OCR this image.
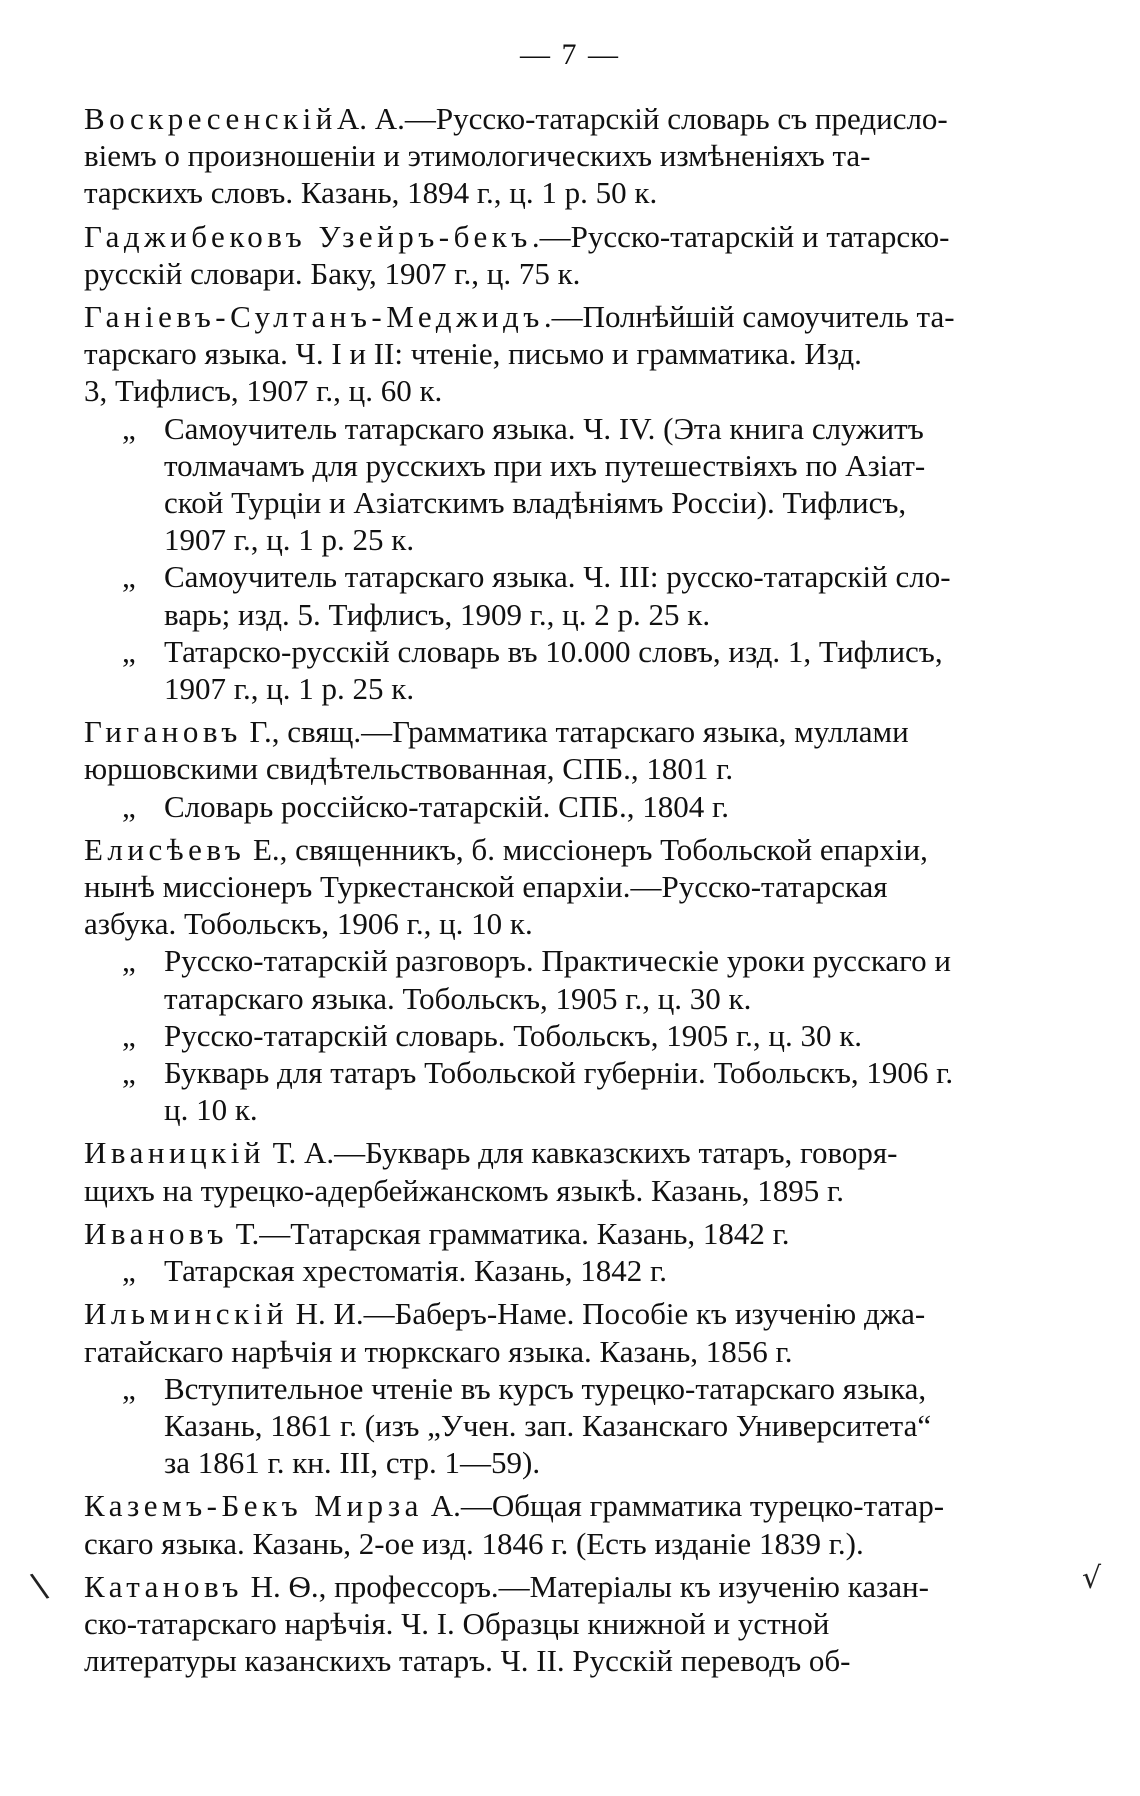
— 7 —
ВоскресенскійА. А.—Русско-татарскій словарь съ предисло-
віемъ о произношеніи и этимологическихъ измѣненіяхъ та-
тарскихъ словъ. Казань, 1894 г., ц. 1 р. 50 к.
Гаджибековъ Узейръ-бекъ.—Русско-татарскій и татарско-
русскій словари. Баку, 1907 г., ц. 75 к.
Ганіевъ-Султанъ-Меджидъ.—Полнѣйшій самоучитель та-
тарскаго языка. Ч. I и II: чтеніе, письмо и грамматика. Изд.
3, Тифлисъ, 1907 г., ц. 60 к.
„ Самоучитель татарскаго языка. Ч. IV. (Эта книга служитъ
толмачамъ для русскихъ при ихъ путешествіяхъ по Азіат-
ской Турціи и Азіатскимъ владѣніямъ Россіи). Тифлисъ,
1907 г., ц. 1 р. 25 к.
„ Самоучитель татарскаго языка. Ч. III: русско-татарскій сло-
варь; изд. 5. Тифлисъ, 1909 г., ц. 2 р. 25 к.
„ Татарско-русскій словарь въ 10.000 словъ, изд. 1, Тифлисъ,
1907 г., ц. 1 р. 25 к.
Гигановъ Г., свящ.—Грамматика татарскаго языка, муллами
юршовскими свидѣтельствованная, СПБ., 1801 г.
„ Словарь россійско-татарскій. СПБ., 1804 г.
Елисѣевъ Е., священникъ, б. миссіонеръ Тобольской епархіи,
нынѣ миссіонеръ Туркестанской епархіи.—Русско-татарская
азбука. Тобольскъ, 1906 г., ц. 10 к.
„ Русско-татарскій разговоръ. Практическіе уроки русскаго и
татарскаго языка. Тобольскъ, 1905 г., ц. 30 к.
„ Русско-татарскій словарь. Тобольскъ, 1905 г., ц. 30 к.
„ Букварь для татаръ Тобольской губерніи. Тобольскъ, 1906 г.
ц. 10 к.
Иваницкій Т. А.—Букварь для кавказскихъ татаръ, говоря-
щихъ на турецко-адербейжанскомъ языкѣ. Казань, 1895 г.
Ивановъ Т.—Татарская грамматика. Казань, 1842 г.
„ Татарская хрестоматія. Казань, 1842 г.
Ильминскій Н. И.—Баберъ-Наме. Пособіе къ изученію джа-
гатайскаго нарѣчія и тюркскаго языка. Казань, 1856 г.
„ Вступительное чтеніе въ курсъ турецко-татарскаго языка,
Казань, 1861 г. (изъ „Учен. зап. Казанскаго Университета“
за 1861 г. кн. III, стр. 1—59).
Каземъ-Бекъ Мирза А.—Общая грамматика турецко-татар-
скаго языка. Казань, 2-ое изд. 1846 г. (Есть изданіе 1839 г.).
Катановъ Н. Ѳ., профессоръ.—Матеріалы къ изученію казан-
ско-татарскаго нарѣчія. Ч. I. Образцы книжной и устной
литературы казанскихъ татаръ. Ч. II. Русскій переводъ об-
\	√
